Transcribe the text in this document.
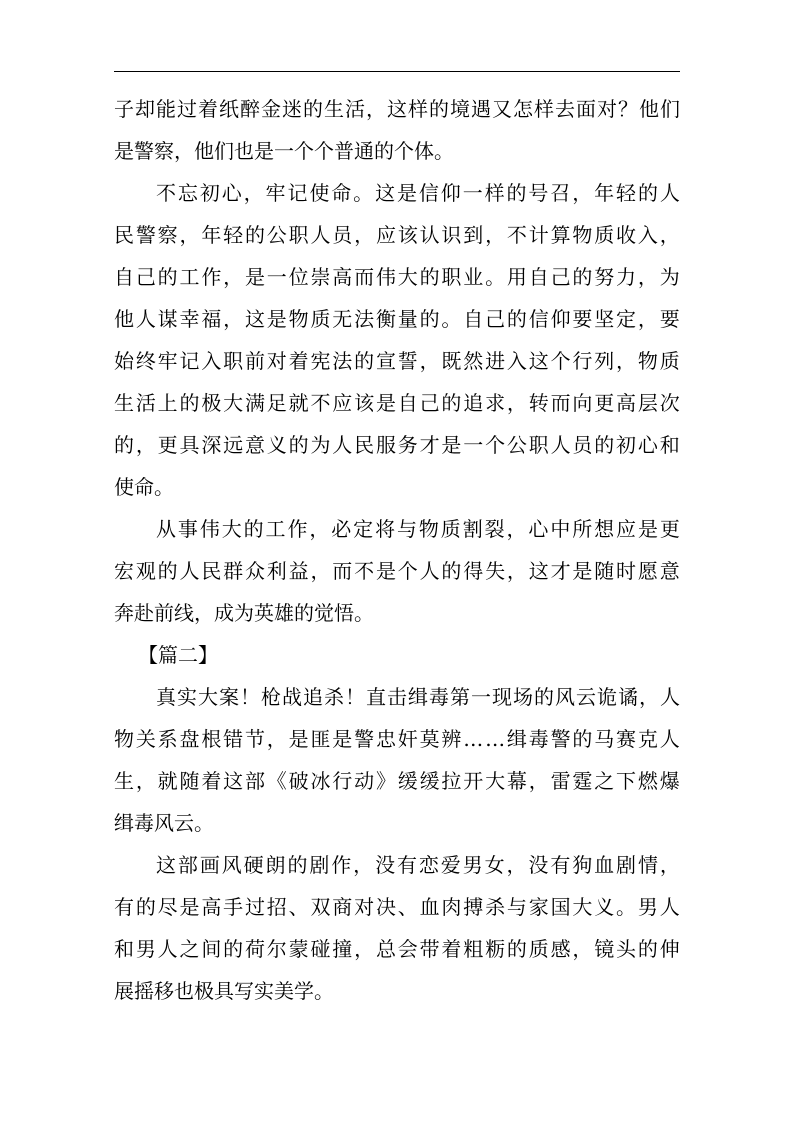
子 却 能 过 着 纸 醉 金 迷 的 生 活 ， 这 样 的 境 遇 又 怎 样 去 面 对 ？ 他 们
是警察，他们也是一个个普通的个体。
不 忘 初 心 ， 牢 记 使 命 。 这 是 信 仰 一 样 的 号 召 ， 年 轻 的 人
民 警 察 ， 年 轻 的 公 职 人 员 ， 应 该 认 识 到 ， 不 计 算 物 质 收 入 ，
自 己 的 工 作 ， 是 一 位 崇 高 而 伟 大 的 职 业 。 用 自 己 的 努 力 ， 为
他 人 谋 幸 福 ， 这 是 物 质 无 法 衡 量 的 。 自 己 的 信 仰 要 坚 定 ， 要
始 终 牢 记 入 职 前 对 着 宪 法 的 宣 誓 ， 既 然 进 入 这 个 行 列 ， 物 质
生 活 上 的 极 大 满 足 就 不 应 该 是 自 己 的 追 求 ， 转 而 向 更 高 层 次
的 ， 更 具 深 远 意 义 的 为 人 民 服 务 才 是 一 个 公 职 人 员 的 初 心 和
使命。
从 事 伟 大 的 工 作 ， 必 定 将 与 物 质 割 裂 ， 心 中 所 想 应 是 更
宏 观 的 人 民 群 众 利 益 ， 而 不 是 个 人 的 得 失 ， 这 才 是 随 时 愿 意
奔赴前线，成为英雄的觉悟。
【 篇 二 】
真 实 大 案 ！ 枪 战 追 杀 ！ 直 击 缉 毒 第 一 现 场 的 风 云 诡 谲 ， 人
物 关 系 盘 根 错 节 ， 是 匪 是 警 忠 奸 莫 辨 … … 缉 毒 警 的 马 赛 克 人
生 ， 就 随 着 这 部 《 破 冰 行 动 》 缓 缓 拉 开 大 幕 ， 雷 霆 之 下 燃 爆
缉毒风云。
这 部 画 风 硬 朗 的 剧 作 ， 没 有 恋 爱 男 女 ， 没 有 狗 血 剧 情 ，
有 的 尽 是 高 手 过 招 、 双 商 对 决 、 血 肉 搏 杀 与 家 国 大 义 。 男 人
和 男 人 之 间 的 荷 尔 蒙 碰 撞 ， 总 会 带 着 粗 粝 的 质 感 ， 镜 头 的 伸
展摇移也极具写实美学。
